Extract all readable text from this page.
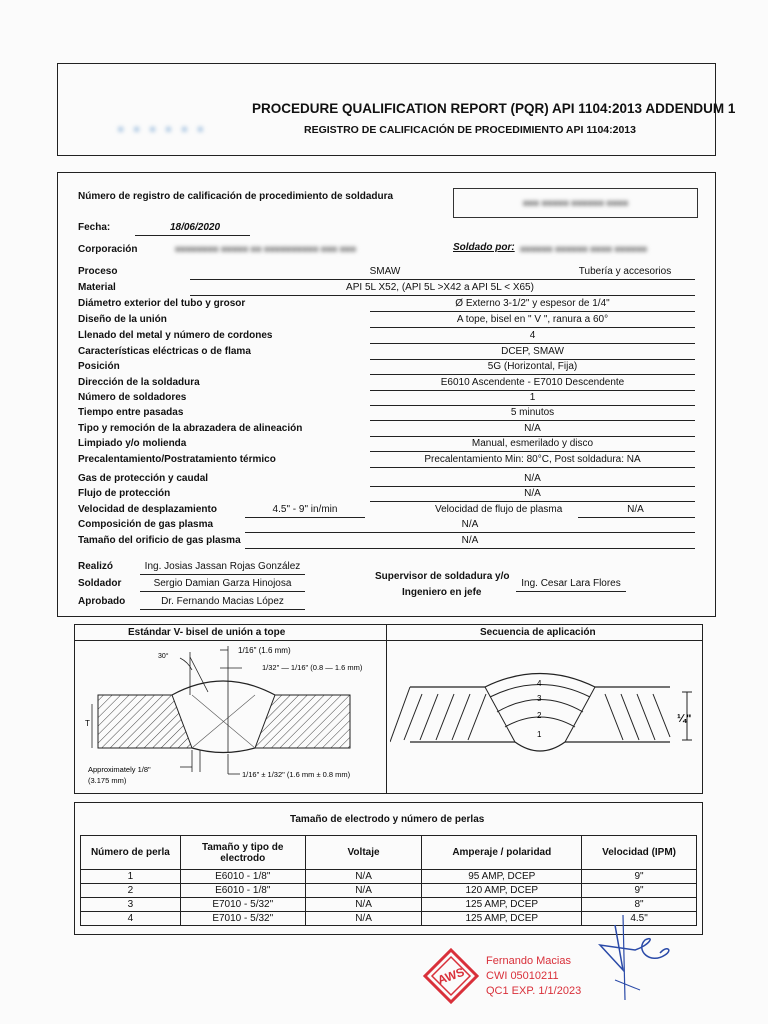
PROCEDURE QUALIFICATION REPORT (PQR) API 1104:2013 ADDENDUM 1
REGISTRO DE CALIFICACIÓN DE PROCEDIMIENTO API 1104:2013
■ ■ ■ ■ ■ ■
Número de registro de calificación de procedimiento de soldadura
■■■ ■■■■■ ■■■■■■ ■■■■
Fecha:	18/06/2020
Corporación	■■■■■■■■ ■■■■■ ■■ ■■■■■■■■■■ ■■■ ■■■	Soldado por: ■■■■■■ ■■■■■■ ■■■■ ■■■■■■
Proceso	SMAW	Tubería y accesorios
Material	API 5L X52, (API 5L >X42 a API 5L < X65)
Diámetro exterior del tubo y grosor	Ø Externo 3-1/2" y espesor de 1/4"
Diseño de la unión	A tope, bisel en " V ", ranura a 60°
Llenado del metal y número de cordones	4
Características eléctricas o de flama	DCEP, SMAW
Posición	5G (Horizontal, Fija)
Dirección de la soldadura	E6010 Ascendente - E7010 Descendente
Número de soldadores	1
Tiempo entre pasadas	5 minutos
Tipo y remoción de la abrazadera de alineación	N/A
Limpiado y/o molienda	Manual, esmerilado y disco
Precalentamiento/Postratamiento térmico	Precalentamiento Min: 80°C, Post soldadura: NA
Gas de protección y caudal	N/A
Flujo de protección	N/A
Velocidad de desplazamiento	4.5" - 9" in/min	Velocidad de flujo de plasma	N/A
Composición de gas plasma	N/A
Tamaño del orificio de gas plasma	N/A
Realizó	Ing. Josias Jassan Rojas González
Soldador	Sergio Damian Garza Hinojosa
Aprobado	Dr. Fernando Macias López
Supervisor de soldadura y/o
Ingeniero en jefe
Ing. Cesar Lara Flores
Estándar V- bisel de unión a tope	Secuencia de aplicación
30°
1/16" (1.6 mm)
1/32" — 1/16" (0.8 — 1.6 mm)
T
Approximately 1/8"
(3.175 mm)
1/16" ± 1/32" (1.6 mm ± 0.8 mm)
4
3
2
1
¼"
Tamaño de electrodo y número de perlas
Número de perla	Tamaño y tipo de electrodo	Voltaje	Amperaje / polaridad	Velocidad (IPM)
1	E6010 - 1/8"	N/A	95 AMP, DCEP	9"
2	E6010 - 1/8"	N/A	120 AMP, DCEP	9"
3	E7010 - 5/32"	N/A	125 AMP, DCEP	8"
4	E7010 - 5/32"	N/A	125 AMP, DCEP	4.5"
AWS
Fernando Macias
CWI 05010211
QC1 EXP. 1/1/2023
